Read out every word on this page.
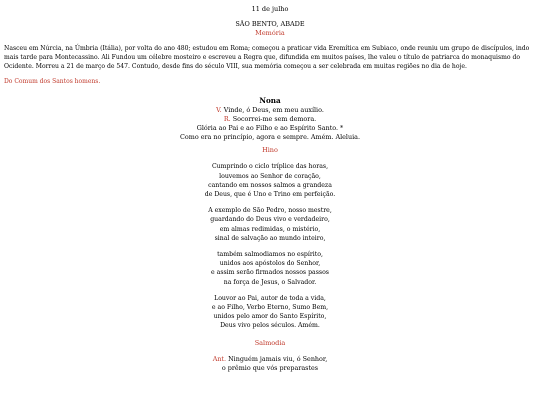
11 de julho
SÃO BENTO, ABADE
Memória
Nasceu em Núrcia, na Úmbria (Itália), por volta do ano 480; estudou em Roma; começou a praticar vida Eremítica em Subiaco, onde reuniu um grupo de discípulos, indo mais tarde para Montecassino. Ali Fundou um célebre mosteiro e escreveu a Regra que, difundida em muitos países, lhe valeu o título de patriarca do monaquismo do Ocidente. Morreu a 21 de março de 547. Contudo, desde fins do século VIII, sua memória começou a ser celebrada em muitas regiões no dia de hoje.
Do Comum dos Santos homens.
Nona
V. Vinde, ó Deus, em meu auxílio.
R. Socorrei-me sem demora.
Glória ao Pai e ao Filho e ao Espírito Santo. *
Como era no princípio, agora e sempre. Amém. Aleluia.
Hino
Cumprindo o ciclo tríplice das horas,
louvemos ao Senhor de coração,
cantando em nossos salmos a grandeza
de Deus, que é Uno e Trino em perfeição.
A exemplo de São Pedro, nosso mestre,
guardando do Deus vivo e verdadeiro,
em almas redimidas, o mistério,
sinal de salvação ao mundo inteiro,
também salmodiamos no espírito,
unidos aos apóstolos do Senhor,
e assim serão firmados nossos passos
na força de Jesus, o Salvador.
Louvor ao Pai, autor de toda a vida,
e ao Filho, Verbo Eterno, Sumo Bem,
unidos pelo amor do Santo Espírito,
Deus vivo pelos séculos. Amém.
Salmodia
Ant. Ninguém jamais viu, ó Senhor,
o prêmio que vós preparastes
